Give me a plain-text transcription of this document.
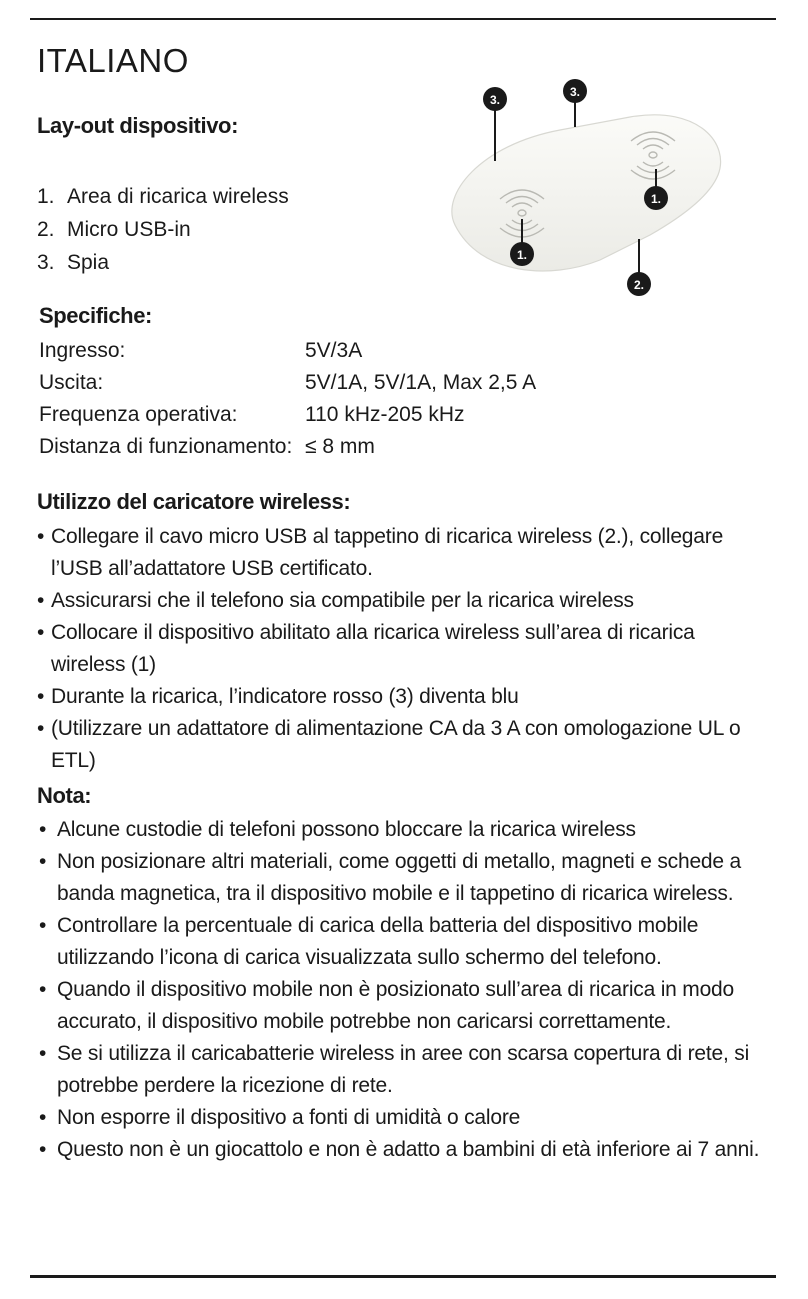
ITALIANO
Lay-out dispositivo:
1. Area di ricarica wireless
2. Micro USB-in
3. Spia
3.
3.
1.
1.
2.
Specifiche:
Ingresso:	5V/3A
Uscita:	5V/1A, 5V/1A, Max 2,5 A
Frequenza operativa:	110 kHz-205 kHz
Distanza di funzionamento: ≤ 8 mm
Utilizzo del caricatore wireless:
• Collegare il cavo micro USB al tappetino di ricarica wireless (2.), collegare l’USB all’adattatore USB certificato.
• Assicurarsi che il telefono sia compatibile per la ricarica wireless
• Collocare il dispositivo abilitato alla ricarica wireless sull’area di ricarica wireless (1)
• Durante la ricarica, l’indicatore rosso (3) diventa blu
• (Utilizzare un adattatore di alimentazione CA da 3 A con omologazione UL o ETL)
Nota:
• Alcune custodie di telefoni possono bloccare la ricarica wireless
• Non posizionare altri materiali, come oggetti di metallo, magneti e schede a banda magnetica, tra il dispositivo mobile e il tappetino di ricarica wireless.
• Controllare la percentuale di carica della batteria del dispositivo mobile utilizzando l’icona di carica visualizzata sullo schermo del telefono.
• Quando il dispositivo mobile non è posizionato sull’area di ricarica in modo accurato, il dispositivo mobile potrebbe non caricarsi correttamente.
• Se si utilizza il caricabatterie wireless in aree con scarsa copertura di rete, si potrebbe perdere la ricezione di rete.
• Non esporre il dispositivo a fonti di umidità o calore
• Questo non è un giocattolo e non è adatto a bambini di età inferiore ai 7 anni.
